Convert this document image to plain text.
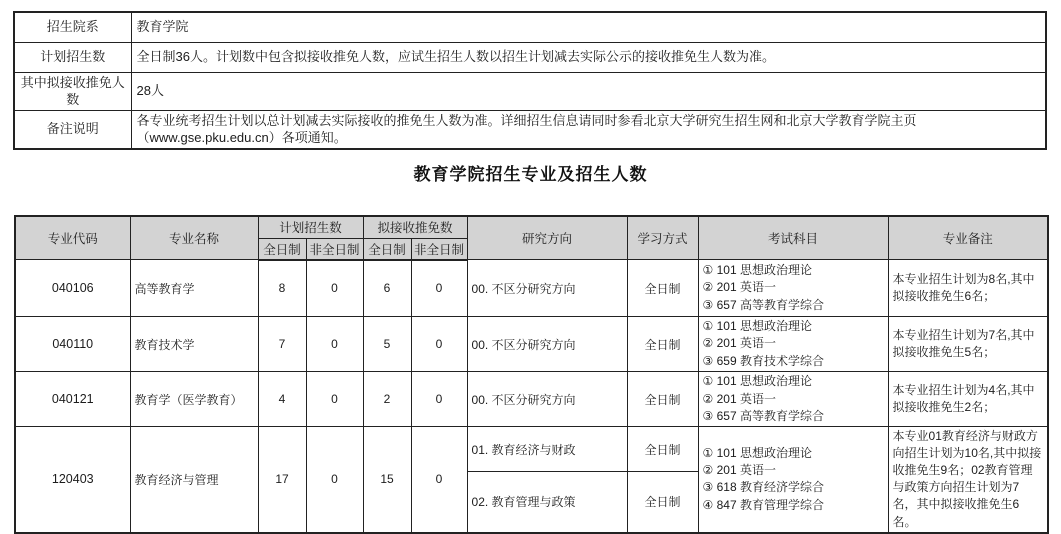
招生院系	教育学院
计划招生数	全日制36人。计划数中包含拟接收推免人数，应试生招生人数以招生计划减去实际公示的接收推免生人数为准。
其中拟接收推免人数	28人
备注说明	各专业统考招生计划以总计划减去实际接收的推免生人数为准。详细招生信息请同时参看北京大学研究生招生网和北京大学教育学院主页（www.gse.pku.edu.cn）各项通知。
教育学院招生专业及招生人数
专业代码	专业名称	计划招生数		拟接收推免数		研究方向	学习方式	考试科目	专业备注
		全日制	非全日制	全日制	非全日制				
040106	高等教育学	8	0	6	0	00. 不区分研究方向	全日制	① 101 思想政治理论
② 201 英语一
③ 657 高等教育学综合	本专业招生计划为8名,其中拟接收推免生6名；
040110	教育技术学	7	0	5	0	00. 不区分研究方向	全日制	① 101 思想政治理论
② 201 英语一
③ 659 教育技术学综合	本专业招生计划为7名,其中拟接收推免生5名；
040121	教育学（医学教育）	4	0	2	0	00. 不区分研究方向	全日制	① 101 思想政治理论
② 201 英语一
③ 657 高等教育学综合	本专业招生计划为4名,其中拟接收推免生2名；
120403	教育经济与管理	17	0	15	0	01. 教育经济与财政	全日制	① 101 思想政治理论
② 201 英语一
③ 618 教育经济学综合
④ 847 教育管理学综合	本专业01教育经济与财政方向招生计划为10名,其中拟接收推免生9名；02教育管理与政策方向招生计划为7名，其中拟接收推免生6名。
						02. 教育管理与政策	全日制		
